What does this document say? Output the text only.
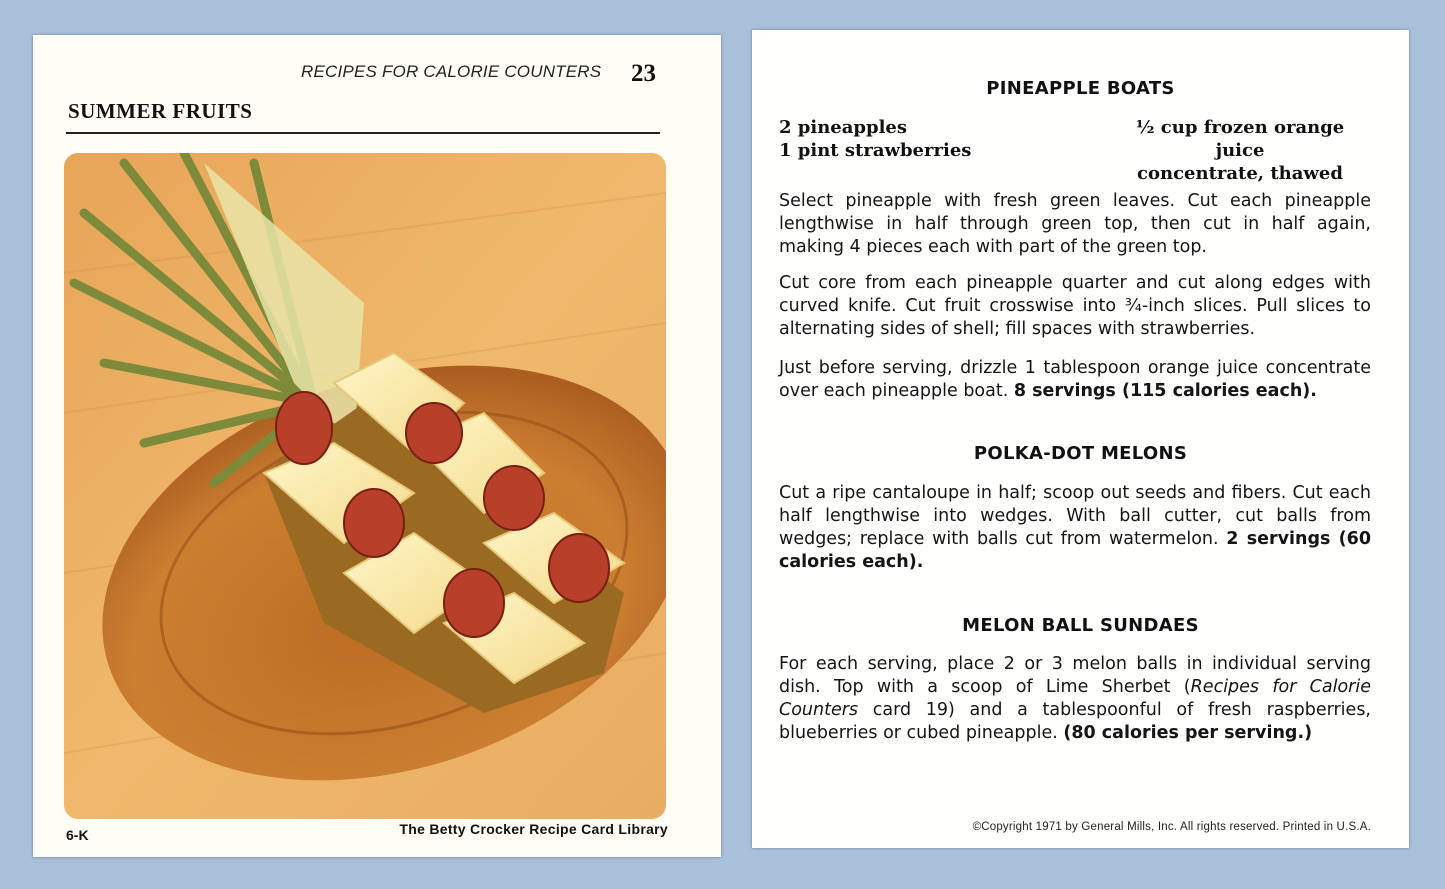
RECIPES FOR CALORIE COUNTERS 23
SUMMER FRUITS
6-K	The Betty Crocker Recipe Card Library
PINEAPPLE BOATS
2 pineapples
1 pint strawberries
½ cup frozen orange juice
concentrate, thawed

Select pineapple with fresh green leaves. Cut each pineapple lengthwise in half through green top, then cut in half again, making 4 pieces each with part of the green top.

Cut core from each pineapple quarter and cut along edges with curved knife. Cut fruit crosswise into ¾-inch slices. Pull slices to alternating sides of shell; fill spaces with strawberries.

Just before serving, drizzle 1 tablespoon orange juice concentrate over each pineapple boat. 8 servings (115 calories each).

POLKA-DOT MELONS

Cut a ripe cantaloupe in half; scoop out seeds and fibers. Cut each half lengthwise into wedges. With ball cutter, cut balls from wedges; replace with balls cut from watermelon. 2 servings (60 calories each).

MELON BALL SUNDAES

For each serving, place 2 or 3 melon balls in individual serving dish. Top with a scoop of Lime Sherbet (Recipes for Calorie Counters card 19) and a tablespoonful of fresh raspberries, blueberries or cubed pineapple. (80 calories per serving.)

©Copyright 1971 by General Mills, Inc. All rights reserved. Printed in U.S.A.
